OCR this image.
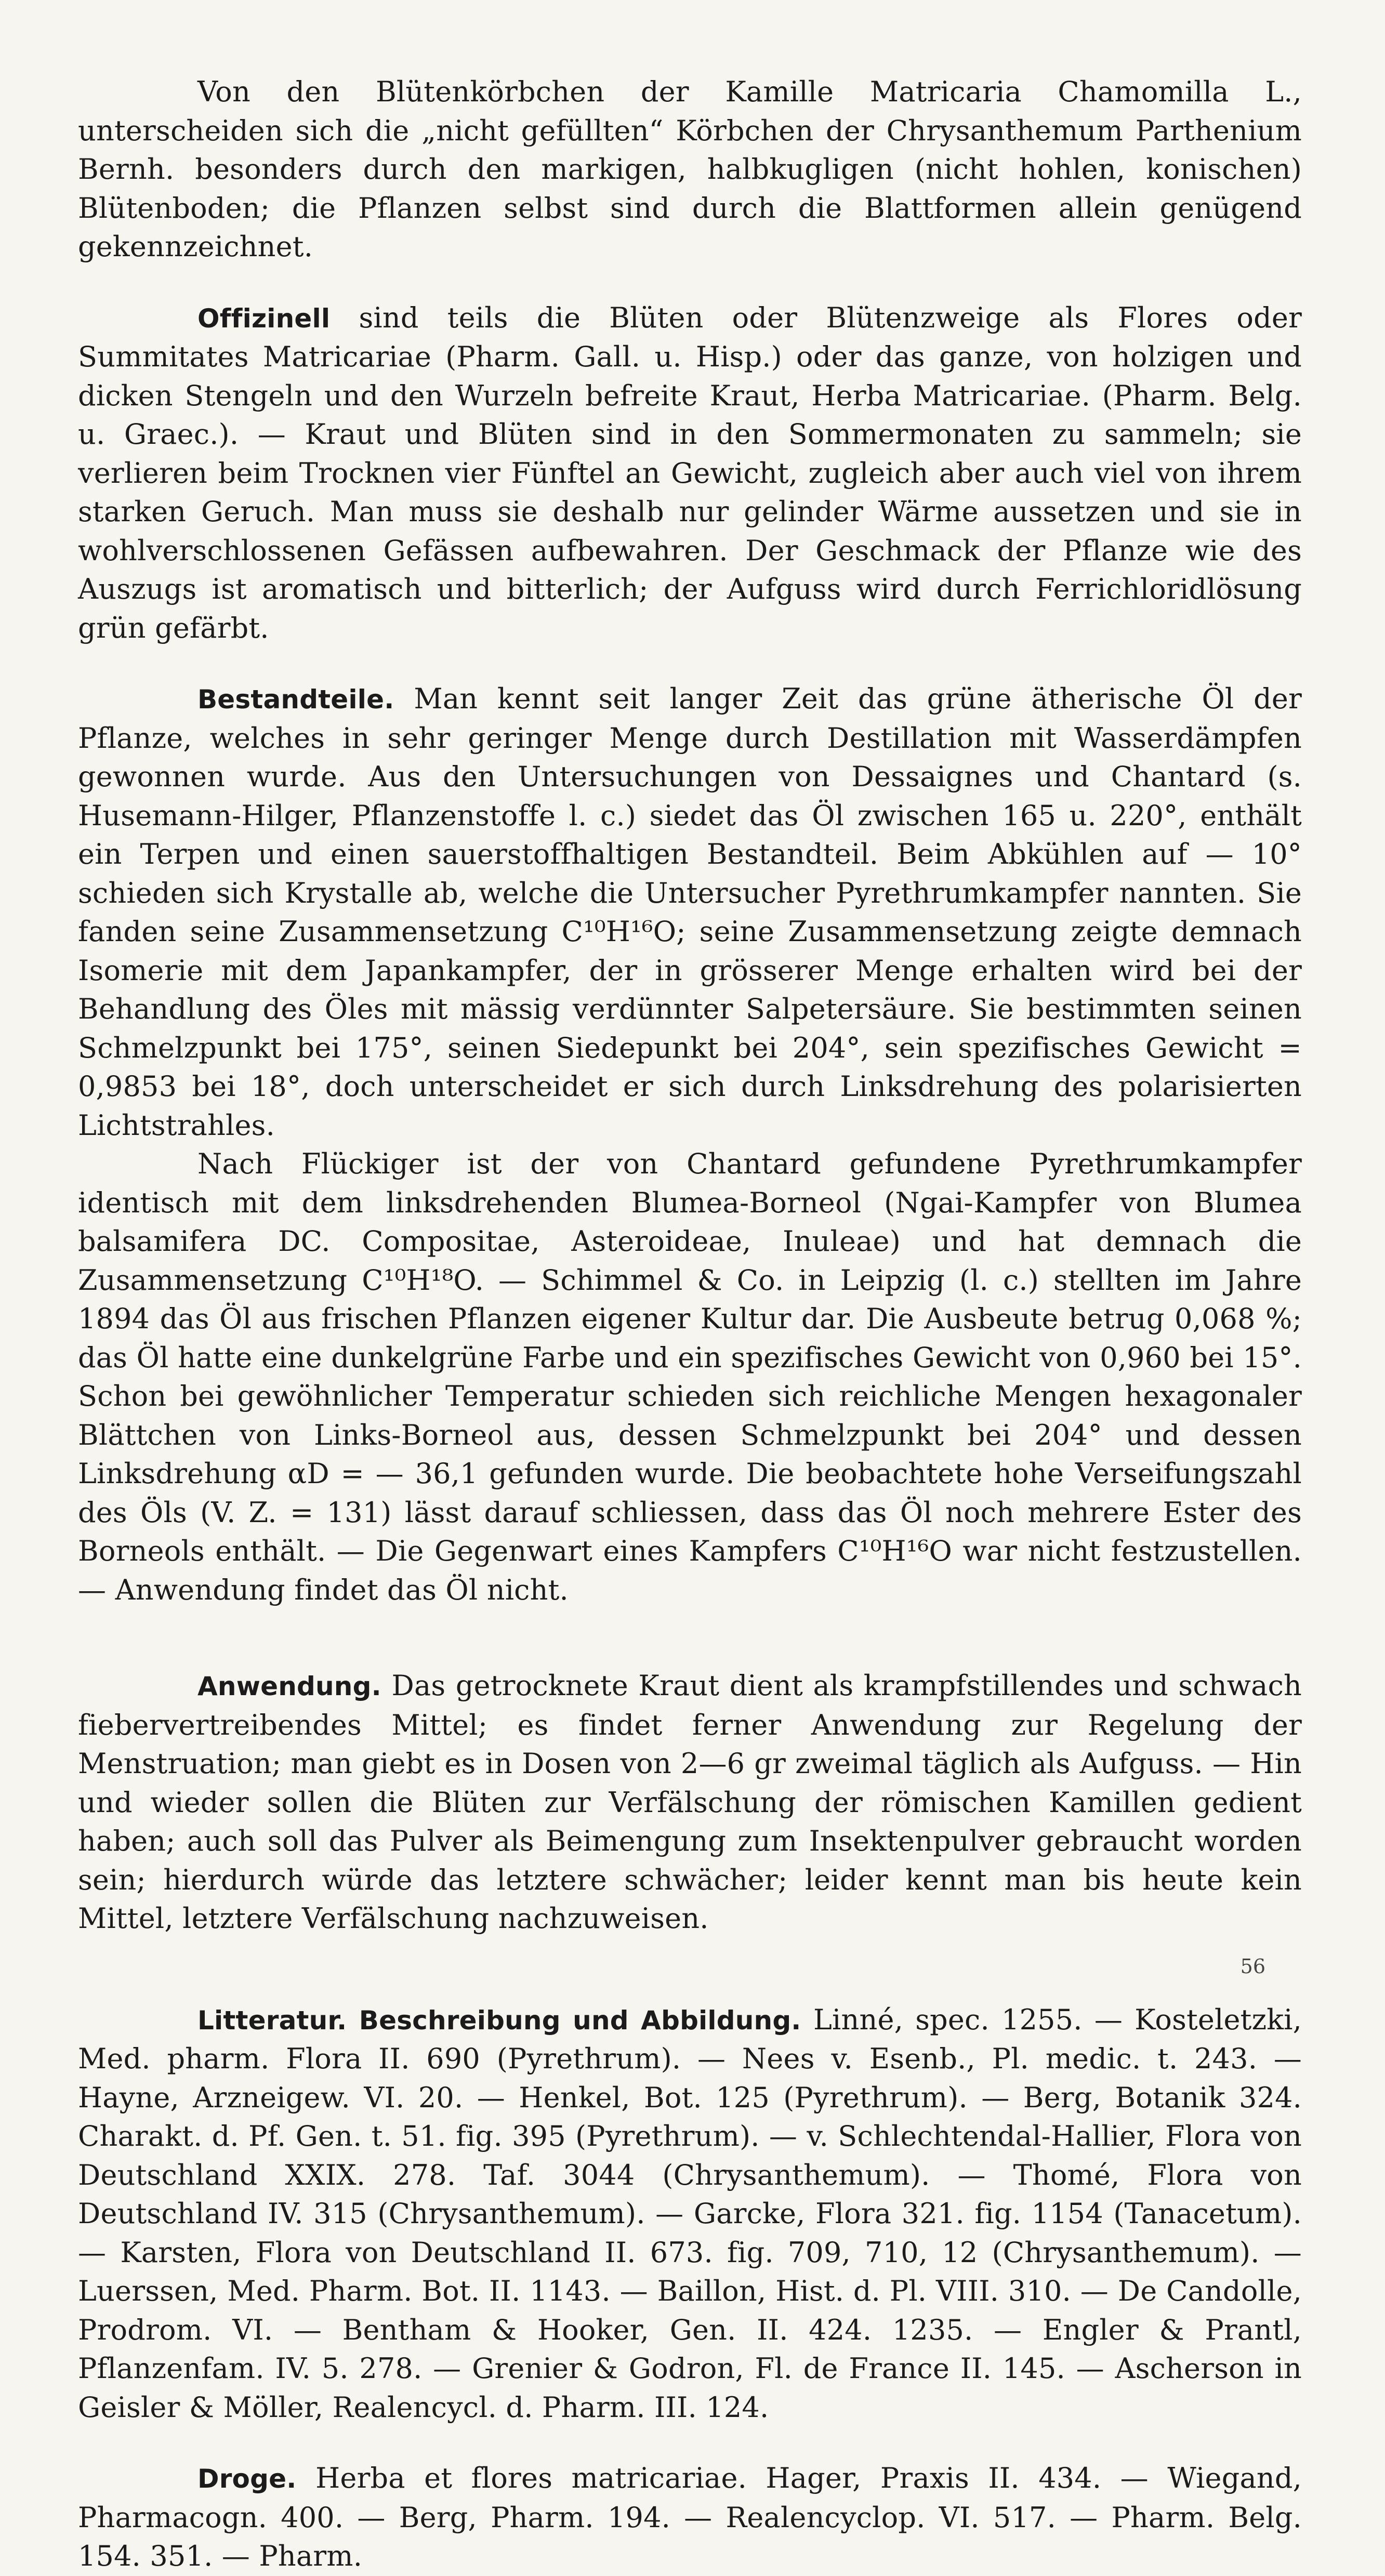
Von den Blütenkörbchen der Kamille Matricaria Chamomilla L., unterscheiden sich die „nicht gefüllten“ Körbchen der Chrysanthemum Parthenium Bernh. besonders durch den markigen, halbkugligen (nicht hohlen, konischen) Blütenboden; die Pflanzen selbst sind durch die Blattformen allein genügend gekennzeichnet.

Offizinell sind teils die Blüten oder Blütenzweige als Flores oder Summitates Matricariae (Pharm. Gall. u. Hisp.) oder das ganze, von holzigen und dicken Stengeln und den Wurzeln befreite Kraut, Herba Matricariae. (Pharm. Belg. u. Graec.). — Kraut und Blüten sind in den Sommermonaten zu sammeln; sie verlieren beim Trocknen vier Fünftel an Gewicht, zugleich aber auch viel von ihrem starken Geruch. Man muss sie deshalb nur gelinder Wärme aussetzen und sie in wohlverschlossenen Gefässen aufbewahren. Der Geschmack der Pflanze wie des Auszugs ist aromatisch und bitterlich; der Aufguss wird durch Ferrichloridlösung grün gefärbt.

Bestandteile. Man kennt seit langer Zeit das grüne ätherische Öl der Pflanze, welches in sehr geringer Menge durch Destillation mit Wasserdämpfen gewonnen wurde. Aus den Untersuchungen von Dessaignes und Chantard (s. Husemann-Hilger, Pflanzenstoffe l. c.) siedet das Öl zwischen 165 u. 220°, enthält ein Terpen und einen sauerstoffhaltigen Bestandteil. Beim Abkühlen auf — 10° schieden sich Krystalle ab, welche die Untersucher Pyrethrumkampfer nannten. Sie fanden seine Zusammensetzung C¹⁰H¹⁶O; seine Zusammensetzung zeigte demnach Isomerie mit dem Japankampfer, der in grösserer Menge erhalten wird bei der Behandlung des Öles mit mässig verdünnter Salpetersäure. Sie bestimmten seinen Schmelzpunkt bei 175°, seinen Siedepunkt bei 204°, sein spezifisches Gewicht = 0,9853 bei 18°, doch unterscheidet er sich durch Linksdrehung des polarisierten Lichtstrahles.

Nach Flückiger ist der von Chantard gefundene Pyrethrumkampfer identisch mit dem linksdrehenden Blumea-Borneol (Ngai-Kampfer von Blumea balsamifera DC. Compositae, Asteroideae, Inuleae) und hat demnach die Zusammensetzung C¹⁰H¹⁸O. — Schimmel & Co. in Leipzig (l. c.) stellten im Jahre 1894 das Öl aus frischen Pflanzen eigener Kultur dar. Die Ausbeute betrug 0,068 %; das Öl hatte eine dunkelgrüne Farbe und ein spezifisches Gewicht von 0,960 bei 15°. Schon bei gewöhnlicher Temperatur schieden sich reichliche Mengen hexagonaler Blättchen von Links-Borneol aus, dessen Schmelzpunkt bei 204° und dessen Linksdrehung αD = — 36,1 gefunden wurde. Die beobachtete hohe Verseifungszahl des Öls (V. Z. = 131) lässt darauf schliessen, dass das Öl noch mehrere Ester des Borneols enthält. — Die Gegenwart eines Kampfers C¹⁰H¹⁶O war nicht festzustellen. — Anwendung findet das Öl nicht.

Anwendung. Das getrocknete Kraut dient als krampfstillendes und schwach fiebervertreibendes Mittel; es findet ferner Anwendung zur Regelung der Menstruation; man giebt es in Dosen von 2—6 gr zweimal täglich als Aufguss. — Hin und wieder sollen die Blüten zur Verfälschung der römischen Kamillen gedient haben; auch soll das Pulver als Beimengung zum Insektenpulver gebraucht worden sein; hierdurch würde das letztere schwächer; leider kennt man bis heute kein Mittel, letztere Verfälschung nachzuweisen.

Litteratur. Beschreibung und Abbildung. Linné, spec. 1255. — Kosteletzki, Med. pharm. Flora II. 690 (Pyrethrum). — Nees v. Esenb., Pl. medic. t. 243. — Hayne, Arzneigew. VI. 20. — Henkel, Bot. 125 (Pyrethrum). — Berg, Botanik 324. Charakt. d. Pf. Gen. t. 51. fig. 395 (Pyrethrum). — v. Schlechtendal-Hallier, Flora von Deutschland XXIX. 278. Taf. 3044 (Chrysanthemum). — Thomé, Flora von Deutschland IV. 315 (Chrysanthemum). — Garcke, Flora 321. fig. 1154 (Tanacetum). — Karsten, Flora von Deutschland II. 673. fig. 709, 710, 12 (Chrysanthemum). — Luerssen, Med. Pharm. Bot. II. 1143. — Baillon, Hist. d. Pl. VIII. 310. — De Candolle, Prodrom. VI. — Bentham & Hooker, Gen. II. 424. 1235. — Engler & Prantl, Pflanzenfam. IV. 5. 278. — Grenier & Godron, Fl. de France II. 145. — Ascherson in Geisler & Möller, Realencycl. d. Pharm. III. 124.

Droge. Herba et flores matricariae. Hager, Praxis II. 434. — Wiegand, Pharmacogn. 400. — Berg, Pharm. 194. — Realencyclop. VI. 517. — Pharm. Belg. 154. 351. — Pharm.

56
